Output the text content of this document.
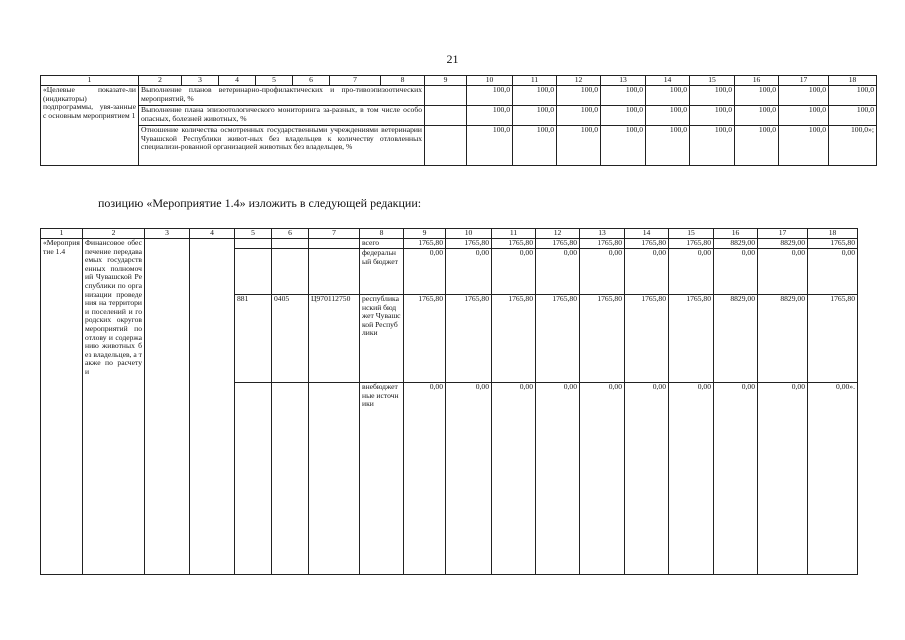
21
1	2	3	4	5	6	7	8	9	10	11	12	13	14	15	16	17	18
«Целевые показате-ли (индикаторы) подпрограммы, увя-занные с основным мероприятием 1	Выполнение планов ветеринарно-профилактических и про-тивоэпизоотических мероприятий, %								100,0	100,0	100,0	100,0	100,0	100,0	100,0	100,0	100,0
	Выполнение плана эпизоотологического мониторинга за-разных, в том числе особо опасных, болезней животных, %								100,0	100,0	100,0	100,0	100,0	100,0	100,0	100,0	100,0
	Отношение количества осмотренных государственными учреждениями ветеринарии Чувашской Республики живот-ных без владельцев к количеству отловленных специализи-рованной организацией животных без владельцев, %								100,0	100,0	100,0	100,0	100,0	100,0	100,0	100,0	100,0»;
позицию «Мероприятие 1.4» изложить в следующей редакции:
1	2	3	4	5	6	7	8	9	10	11	12	13	14	15	16	17	18
«Мероприятие 1.4	Финансовое обеспечение передаваемых государственных полномочий Чувашской Республики по организации проведения на территории поселений и городских округов мероприятий по отлову и содержанию животных без владельцев, а также по расчету и						всего	1765,80	1765,80	1765,80	1765,80	1765,80	1765,80	1765,80	8829,00	8829,00	1765,80
							федеральный бюджет	0,00	0,00	0,00	0,00	0,00	0,00	0,00	0,00	0,00	0,00
				881	0405	Ц970112750	республиканский бюджет Чувашской Республики	1765,80	1765,80	1765,80	1765,80	1765,80	1765,80	1765,80	8829,00	8829,00	1765,80
							внебюджетные источники	0,00	0,00	0,00	0,00	0,00	0,00	0,00	0,00	0,00	0,00».
